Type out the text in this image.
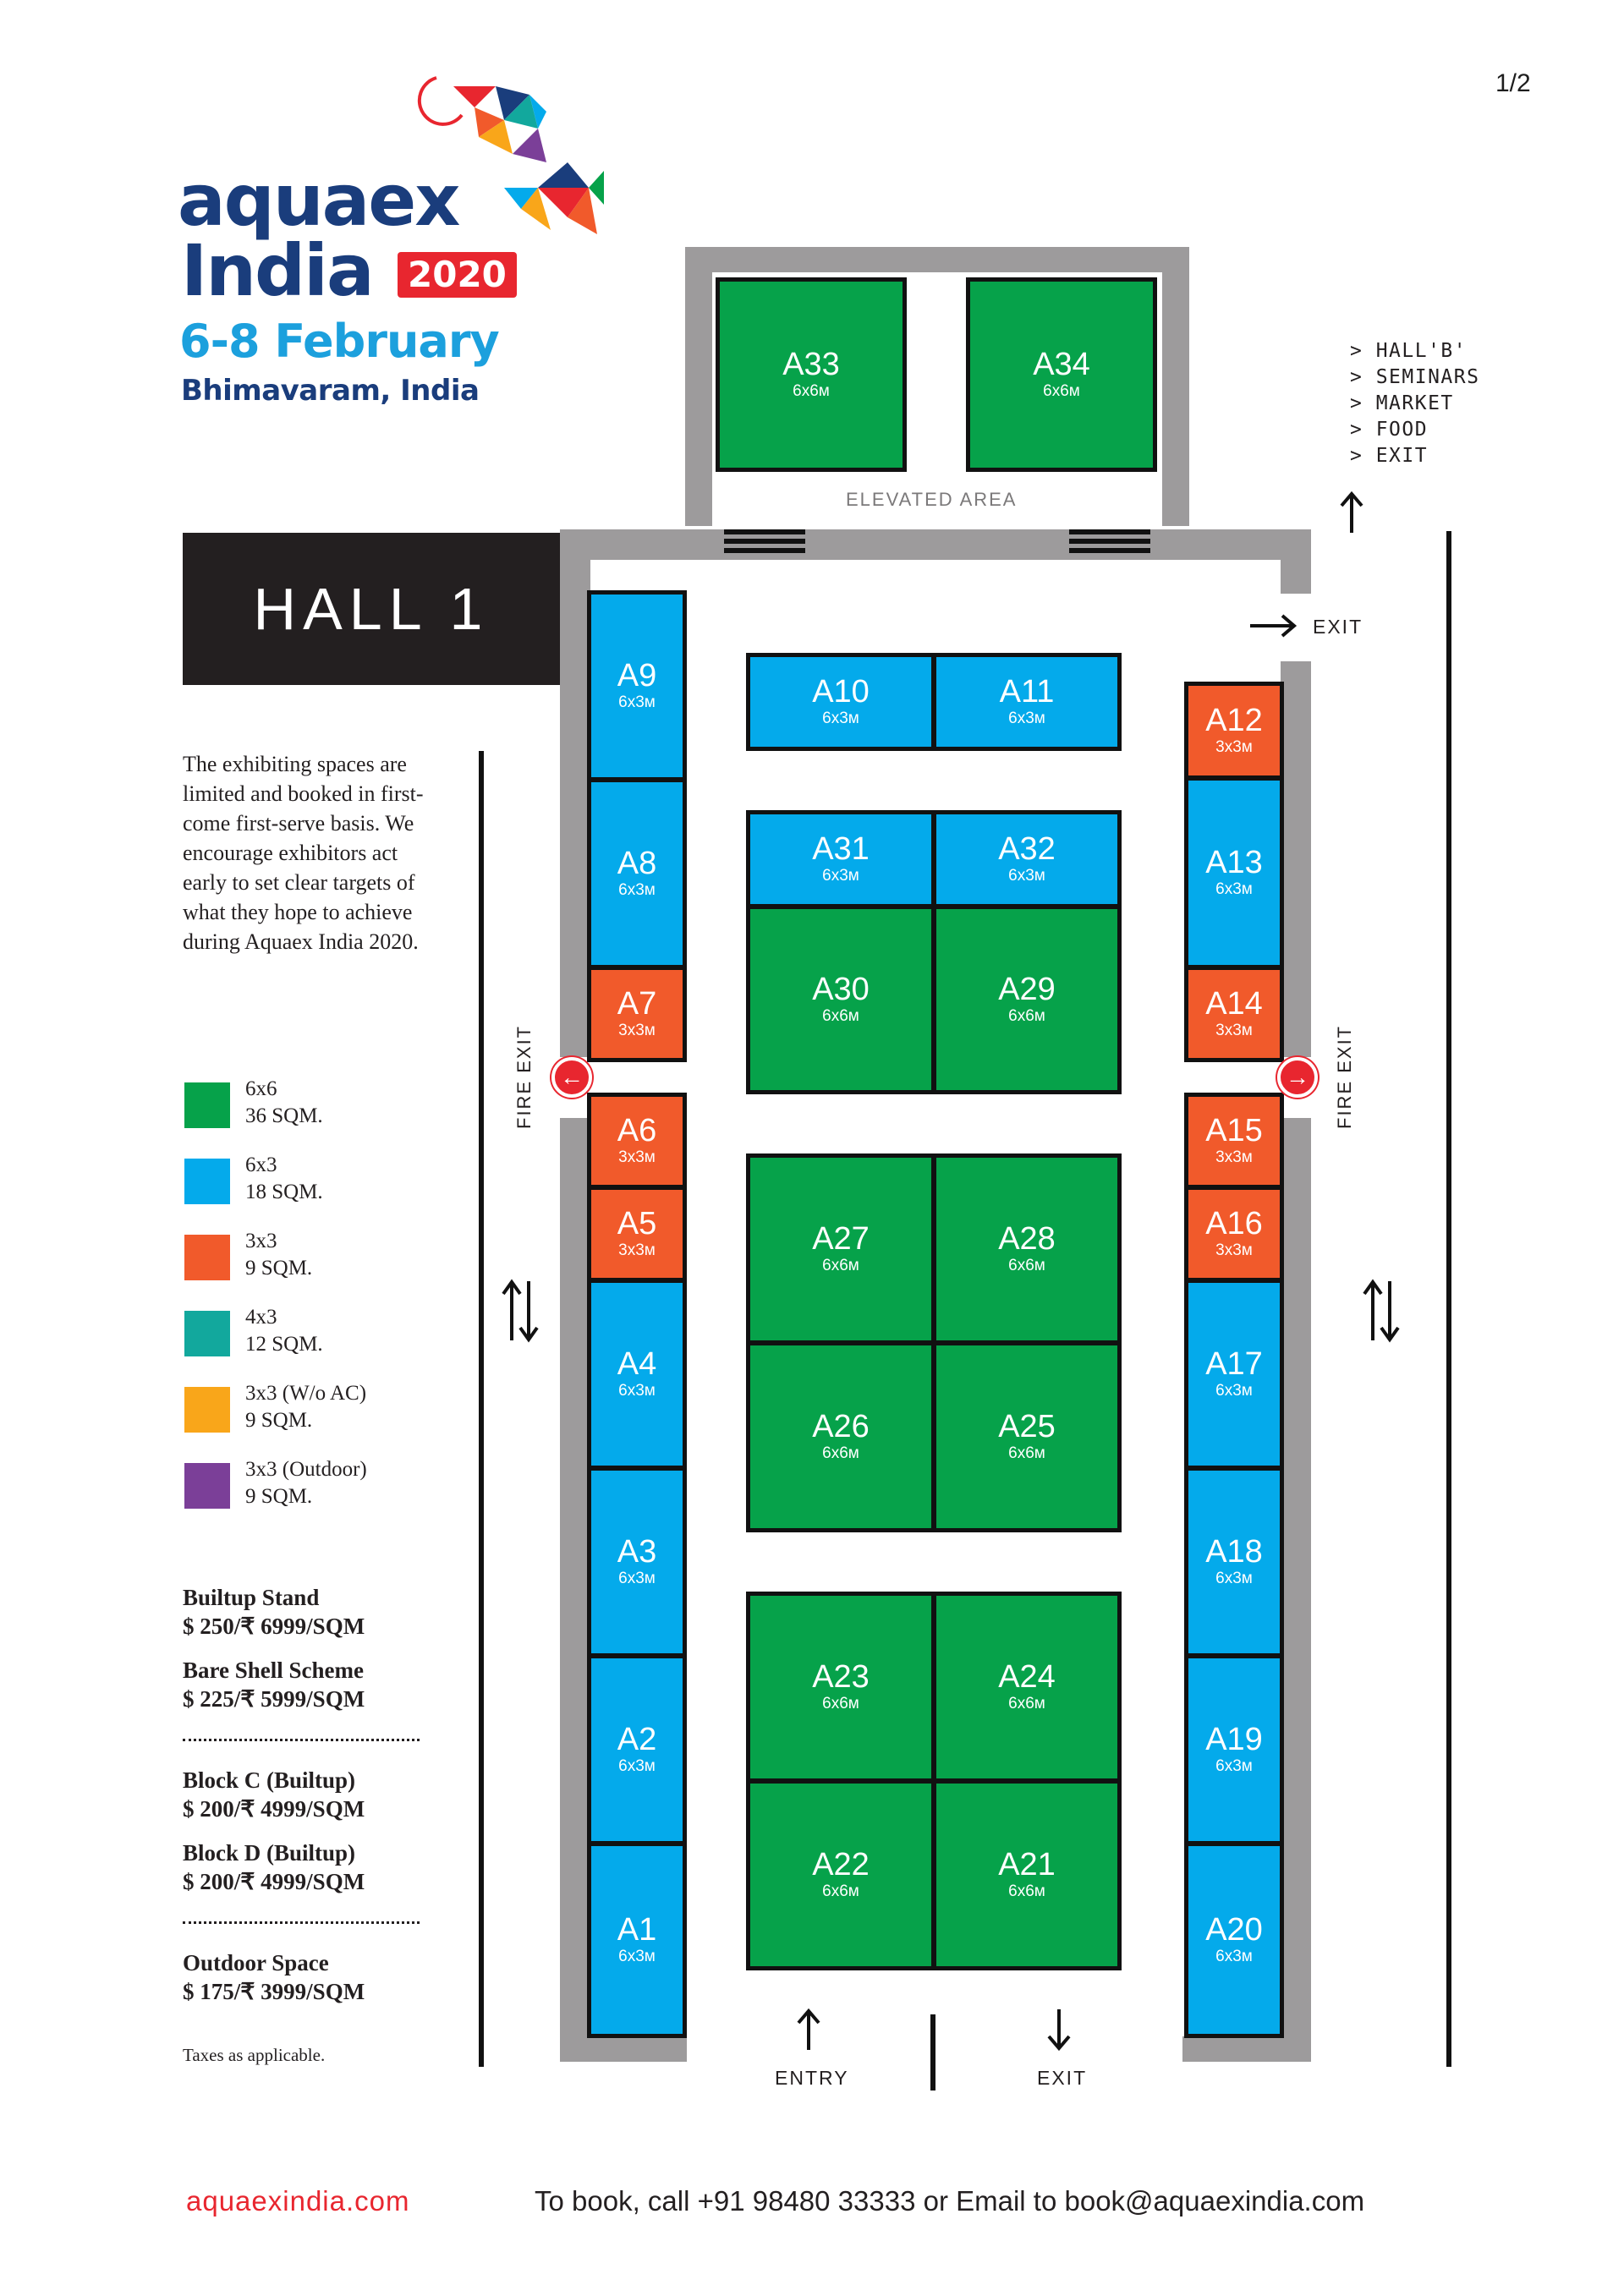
1/2
aquaex
India 2020
6-8 February
Bhimavaram, India
HALL 1
The exhibiting spaces are limited and booked in first-come first-serve basis. We encourage exhibitors act early to set clear targets of what they hope to achieve during Aquaex India 2020.
6x6
36 SQM.
6x3
18 SQM.
3x3
9 SQM.
4x3
12 SQM.
3x3 (W/o AC)
9 SQM.
3x3 (Outdoor)
9 SQM.
Builtup Stand
$ 250/₹ 6999/SQM
Bare Shell Scheme
$ 225/₹ 5999/SQM
Block C (Builtup)
$ 200/₹ 4999/SQM
Block D (Builtup)
$ 200/₹ 4999/SQM
Outdoor Space
$ 175/₹ 3999/SQM
Taxes as applicable.
ELEVATED AREA
A33
6x6м
A34
6x6м
A9
6x3м
A8
6x3м
A7
3x3м
A6
3x3м
A5
3x3м
A4
6x3м
A3
6x3м
A2
6x3м
A1
6x3м
A12
3x3м
A13
6x3м
A14
3x3м
A15
3x3м
A16
3x3м
A17
6x3м
A18
6x3м
A19
6x3м
A20
6x3м
A10
6x3м
A11
6x3м
A31
6x3м
A32
6x3м
A30
6x6м
A29
6x6м
A27
6x6м
A28
6x6м
A26
6x6м
A25
6x6м
A23
6x6м
A24
6x6м
A22
6x6м
A21
6x6м
←	→
FIRE EXIT	FIRE EXIT
EXIT
> HALL'B'
> SEMINARS
> MARKET
> FOOD
> EXIT
ENTRY	EXIT
aquaexindia.com	To book, call +91 98480 33333 or Email to book@aquaexindia.com
